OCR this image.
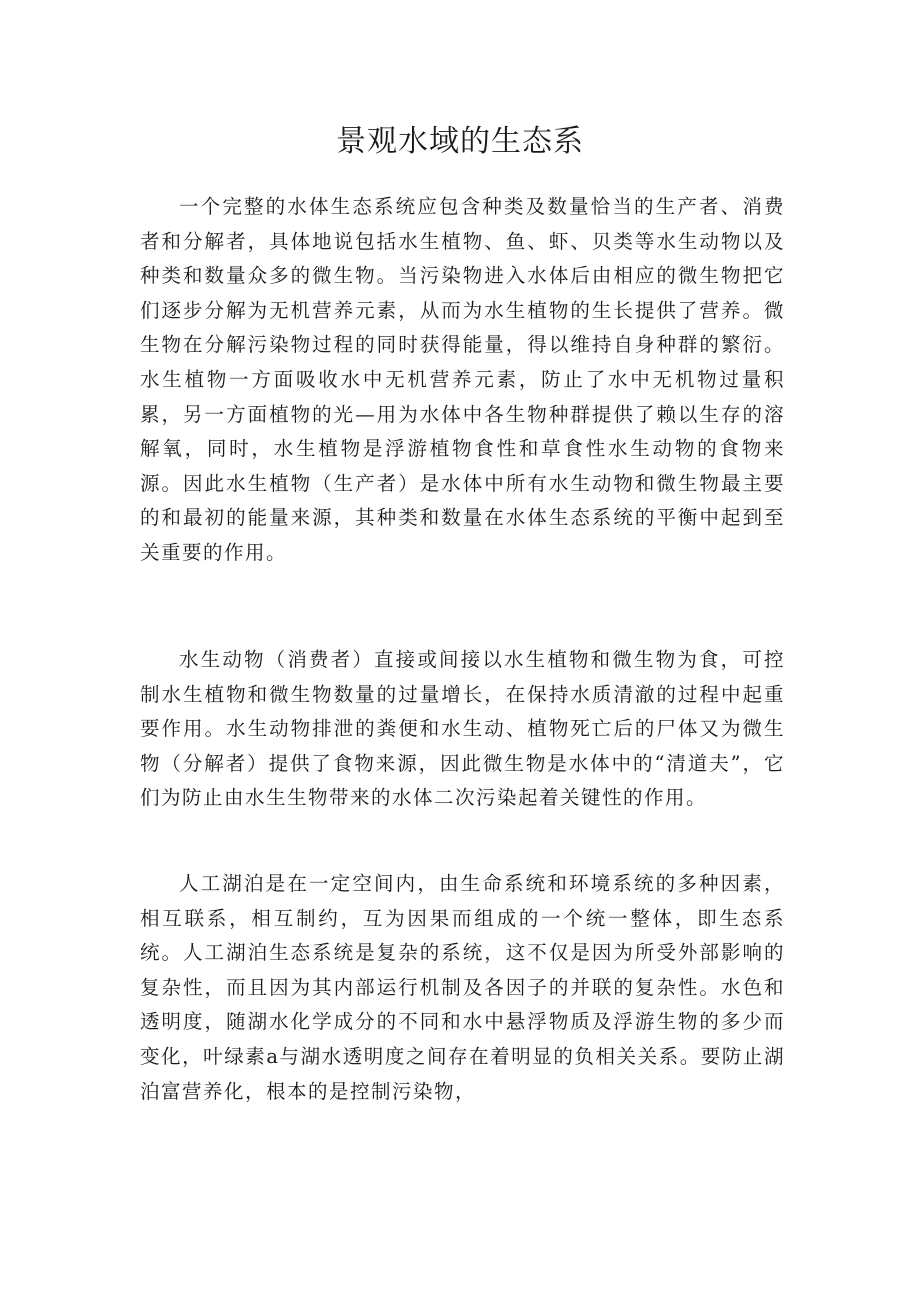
景观水域的生态系

一个完整的水体生态系统应包含种类及数量恰当的生产者、消费者和分解者，具体地说包括水生植物、鱼、虾、贝类等水生动物以及种类和数量众多的微生物。当污染物进入水体后由相应的微生物把它们逐步分解为无机营养元素，从而为水生植物的生长提供了营养。微生物在分解污染物过程的同时获得能量，得以维持自身种群的繁衍。水生植物一方面吸收水中无机营养元素，防止了水中无机物过量积累，另一方面植物的光—用为水体中各生物种群提供了赖以生存的溶解氧，同时，水生植物是浮游植物食性和草食性水生动物的食物来源。因此水生植物（生产者）是水体中所有水生动物和微生物最主要的和最初的能量来源，其种类和数量在水体生态系统的平衡中起到至关重要的作用。

水生动物（消费者）直接或间接以水生植物和微生物为食，可控制水生植物和微生物数量的过量增长，在保持水质清澈的过程中起重要作用。水生动物排泄的粪便和水生动、植物死亡后的尸体又为微生物（分解者）提供了食物来源，因此微生物是水体中的“清道夫”，它们为防止由水生生物带来的水体二次污染起着关键性的作用。

人工湖泊是在一定空间内，由生命系统和环境系统的多种因素，相互联系，相互制约，互为因果而组成的一个统一整体，即生态系统。人工湖泊生态系统是复杂的系统，这不仅是因为所受外部影响的复杂性，而且因为其内部运行机制及各因子的并联的复杂性。水色和透明度，随湖水化学成分的不同和水中悬浮物质及浮游生物的多少而变化，叶绿素a与湖水透明度之间存在着明显的负相关关系。要防止湖泊富营养化，根本的是控制污染物，
